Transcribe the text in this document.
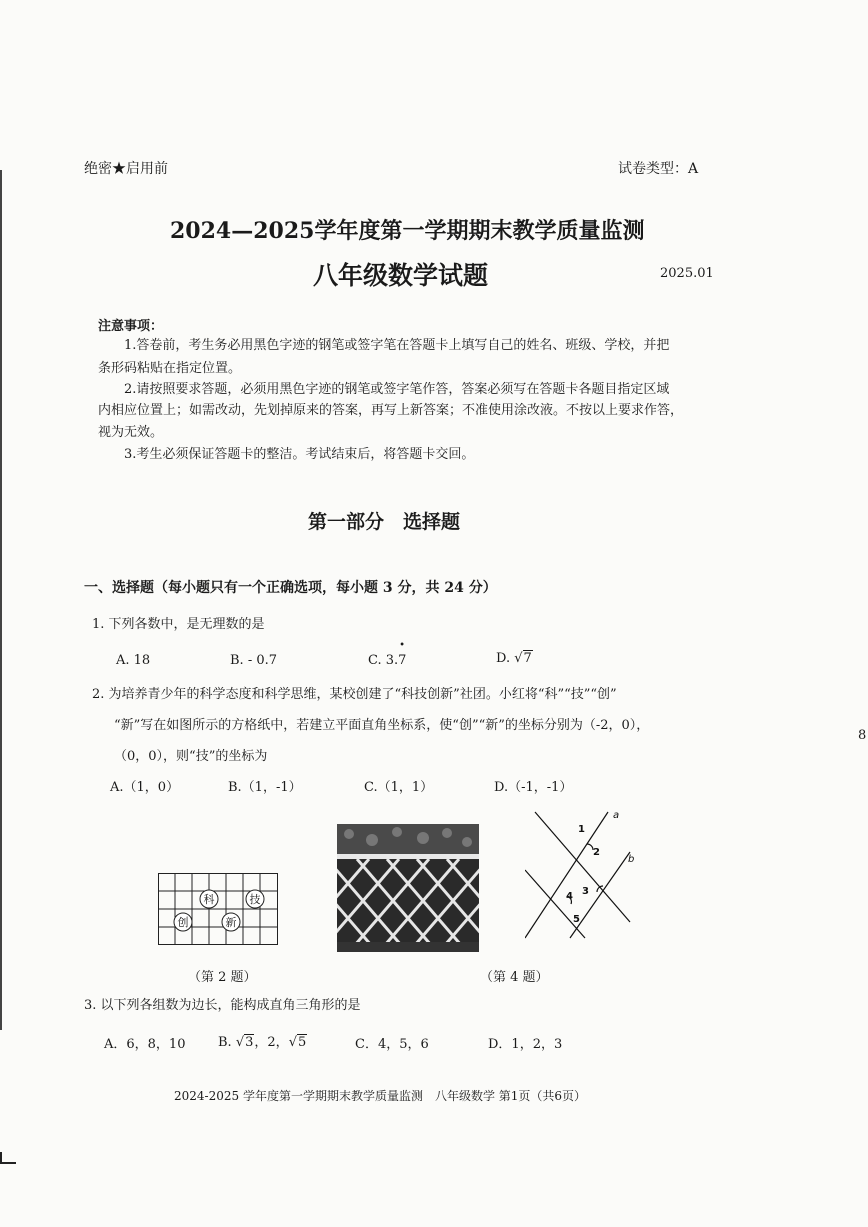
绝密★启用前	试卷类型：A
2024—2025学年度第一学期期末教学质量监测
八年级数学试题	2025.01
注意事项：
1.答卷前，考生务必用黑色字迹的钢笔或签字笔在答题卡上填写自己的姓名、班级、学校，并把
条形码粘贴在指定位置。
2.请按照要求答题，必须用黑色字迹的钢笔或签字笔作答，答案必须写在答题卡各题目指定区域
内相应位置上；如需改动，先划掉原来的答案，再写上新答案；不准使用涂改液。不按以上要求作答，
视为无效。
3.考生必须保证答题卡的整洁。考试结束后，将答题卡交回。
第一部分　选择题
一、选择题（每小题只有一个正确选项，每小题 3 分，共 24 分）
1. 下列各数中，是无理数的是
A. 18	B. - 0.7	C. 3.
•
7	D. √7
2. 为培养青少年的科学态度和科学思维，某校创建了“科技创新”社团。小红将“科”“技”“创”
“新”写在如图所示的方格纸中，若建立平面直角坐标系，使“创”“新”的坐标分别为（-2，0），
（0，0），则“技”的坐标为
A.（1，0）	B.（1，-1）	C.（1，1）	D.（-1，-1）
科	技
创	新
a
b
1
2
3
4
5
（第 2 题）	（第 4 题）
3. 以下列各组数为边长，能构成直角三角形的是
A．6，8，10	B. √3，2，√5	C．4，5，6	D．1，2，3
2024-2025 学年度第一学期期末教学质量监测　八年级数学 第1页（共6页）
8
